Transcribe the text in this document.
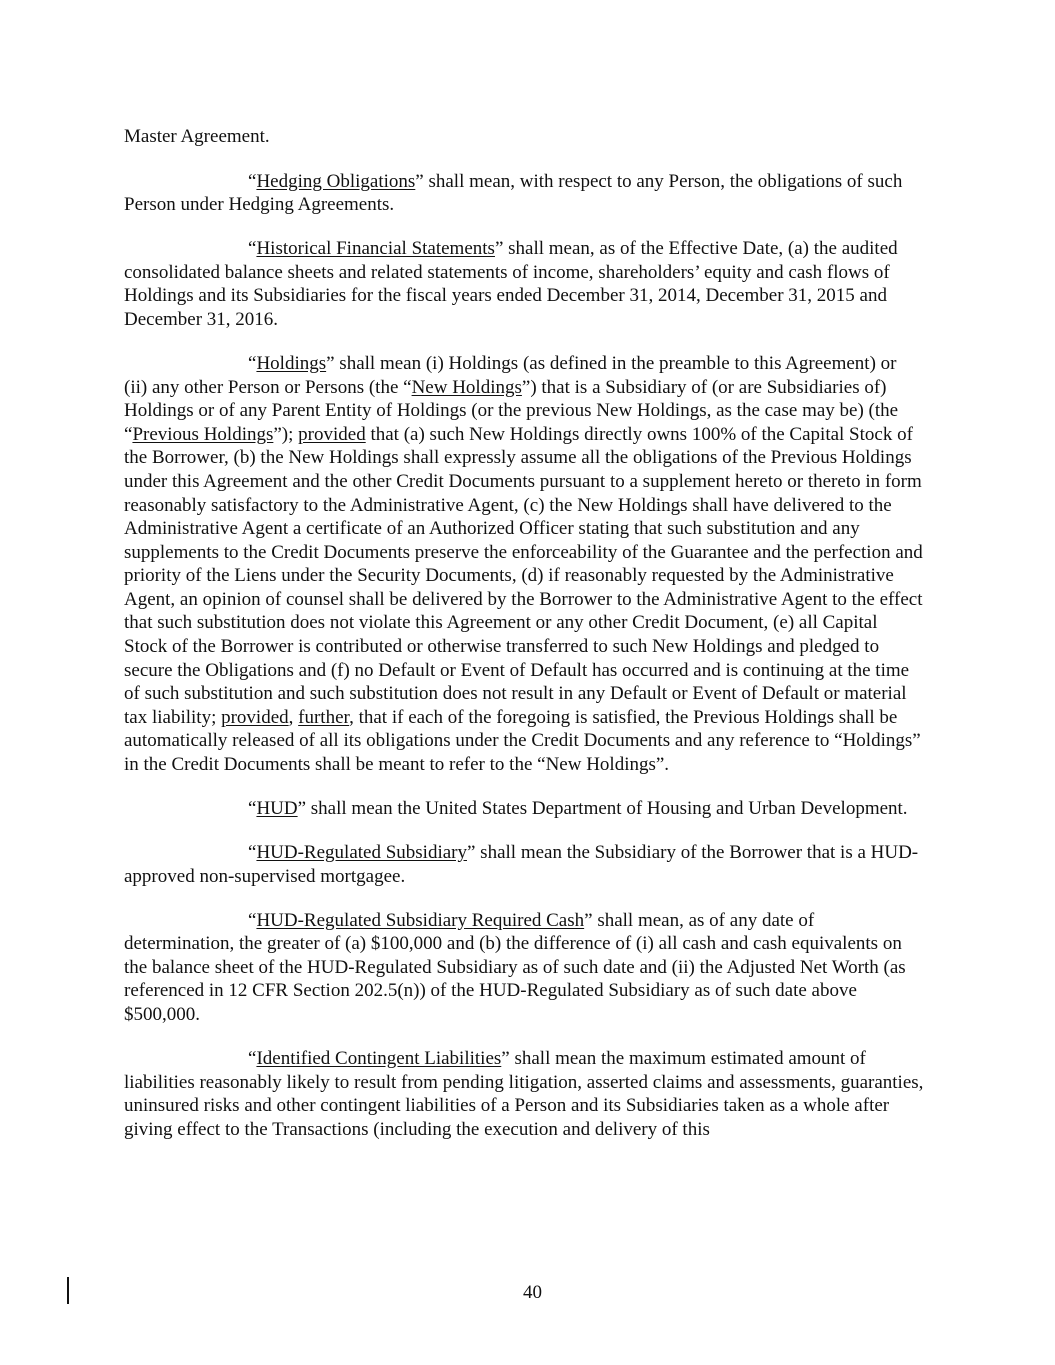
Master Agreement.

“Hedging Obligations” shall mean, with respect to any Person, the obligations of such Person under Hedging Agreements.

“Historical Financial Statements” shall mean, as of the Effective Date, (a) the audited consolidated balance sheets and related statements of income, shareholders’ equity and cash flows of Holdings and its Subsidiaries for the fiscal years ended December 31, 2014, December 31, 2015 and December 31, 2016.

“Holdings” shall mean (i) Holdings (as defined in the preamble to this Agreement) or (ii) any other Person or Persons (the “New Holdings”) that is a Subsidiary of (or are Subsidiaries of) Holdings or of any Parent Entity of Holdings (or the previous New Holdings, as the case may be) (the “Previous Holdings”); provided that (a) such New Holdings directly owns 100% of the Capital Stock of the Borrower, (b) the New Holdings shall expressly assume all the obligations of the Previous Holdings under this Agreement and the other Credit Documents pursuant to a supplement hereto or thereto in form reasonably satisfactory to the Administrative Agent, (c) the New Holdings shall have delivered to the Administrative Agent a certificate of an Authorized Officer stating that such substitution and any supplements to the Credit Documents preserve the enforceability of the Guarantee and the perfection and priority of the Liens under the Security Documents, (d) if reasonably requested by the Administrative Agent, an opinion of counsel shall be delivered by the Borrower to the Administrative Agent to the effect that such substitution does not violate this Agreement or any other Credit Document, (e) all Capital Stock of the Borrower is contributed or otherwise transferred to such New Holdings and pledged to secure the Obligations and (f) no Default or Event of Default has occurred and is continuing at the time of such substitution and such substitution does not result in any Default or Event of Default or material tax liability; provided, further, that if each of the foregoing is satisfied, the Previous Holdings shall be automatically released of all its obligations under the Credit Documents and any reference to “Holdings” in the Credit Documents shall be meant to refer to the “New Holdings”.

“HUD” shall mean the United States Department of Housing and Urban Development.

“HUD-Regulated Subsidiary” shall mean the Subsidiary of the Borrower that is a HUD-approved non-supervised mortgagee.

“HUD-Regulated Subsidiary Required Cash” shall mean, as of any date of determination, the greater of (a) $100,000 and (b) the difference of (i) all cash and cash equivalents on the balance sheet of the HUD-Regulated Subsidiary as of such date and (ii) the Adjusted Net Worth (as referenced in 12 CFR Section 202.5(n)) of the HUD-Regulated Subsidiary as of such date above $500,000.

“Identified Contingent Liabilities” shall mean the maximum estimated amount of liabilities reasonably likely to result from pending litigation, asserted claims and assessments, guaranties, uninsured risks and other contingent liabilities of a Person and its Subsidiaries taken as a whole after giving effect to the Transactions (including the execution and delivery of this

40
